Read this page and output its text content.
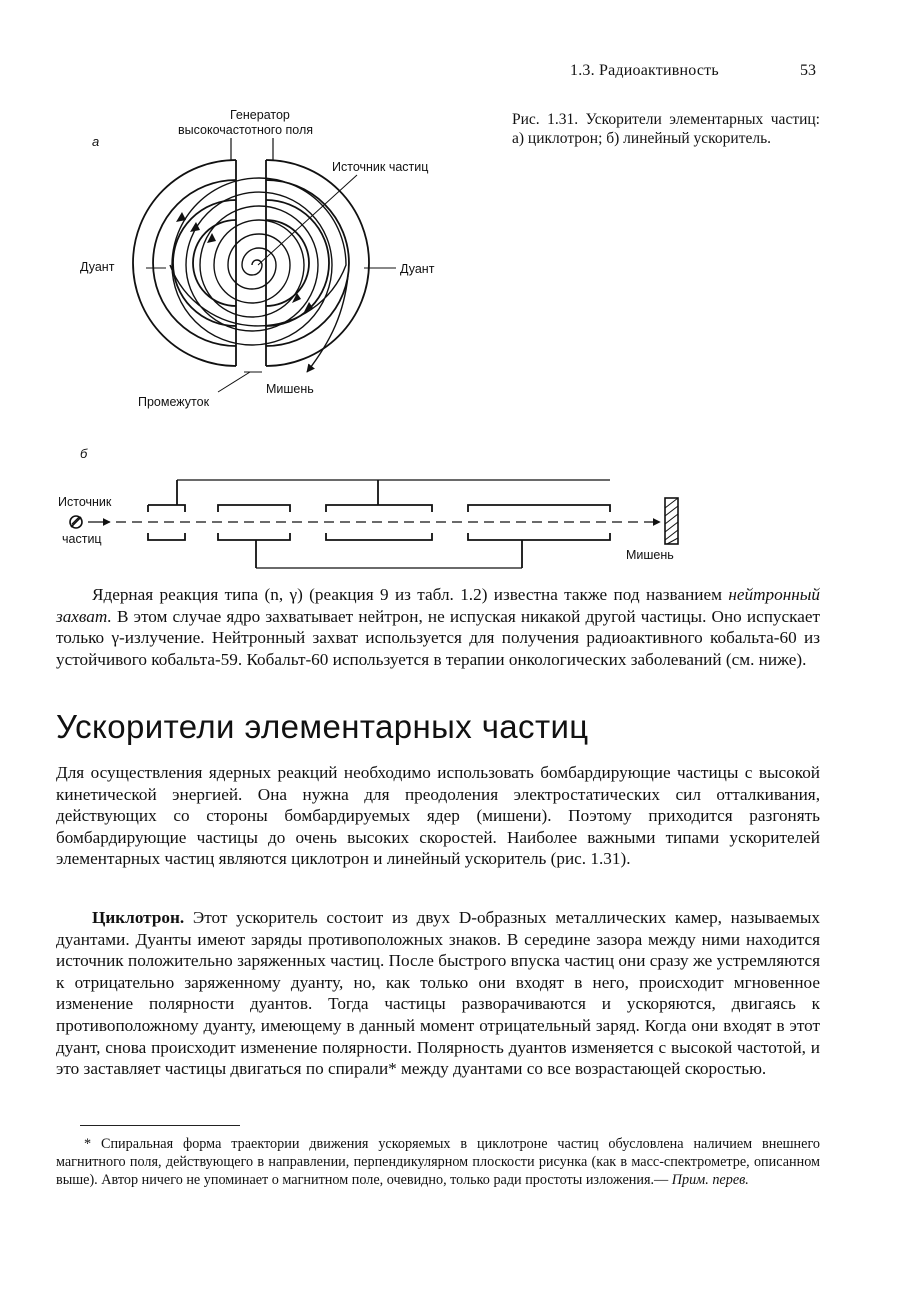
1.3. Радиоактивность	53
Рис. 1.31. Ускорители элементарных частиц: а) циклотрон; б) линейный ускоритель.
а
Генератор
высокочастотного поля
Источник частиц
Дуант	Дуант
Мишень
Промежуток
б
Источник
частиц
Мишень

Ядерная реакция типа (n, γ) (реакция 9 из табл. 1.2) известна также под названием нейтронный захват. В этом случае ядро захватывает нейтрон, не испуская никакой другой частицы. Оно испускает только γ-излучение. Нейтронный захват используется для получения радиоактивного кобальта-60 из устойчивого кобальта-59. Кобальт-60 используется в терапии онкологических заболеваний (см. ниже).

Ускорители элементарных частиц

Для осуществления ядерных реакций необходимо использовать бомбардирующие частицы с высокой кинетической энергией. Она нужна для преодоления электростатических сил отталкивания, действующих со стороны бомбардируемых ядер (мишени). Поэтому приходится разгонять бомбардирующие частицы до очень высоких скоростей. Наиболее важными типами ускорителей элементарных частиц являются циклотрон и линейный ускоритель (рис. 1.31).

Циклотрон. Этот ускоритель состоит из двух D-образных металлических камер, называемых дуантами. Дуанты имеют заряды противоположных знаков. В середине зазора между ними находится источник положительно заряженных частиц. После быстрого впуска частиц они сразу же устремляются к отрицательно заряженному дуанту, но, как только они входят в него, происходит мгновенное изменение полярности дуантов. Тогда частицы разворачиваются и ускоряются, двигаясь к противоположному дуанту, имеющему в данный момент отрицательный заряд. Когда они входят в этот дуант, снова происходит изменение полярности. Полярность дуантов изменяется с высокой частотой, и это заставляет частицы двигаться по спирали* между дуантами со все возрастающей скоростью.

* Спиральная форма траектории движения ускоряемых в циклотроне частиц обусловлена наличием внешнего магнитного поля, действующего в направлении, перпендикулярном плоскости рисунка (как в масс-спектрометре, описанном выше). Автор ничего не упоминает о магнитном поле, очевидно, только ради простоты изложения.— Прим. перев.
